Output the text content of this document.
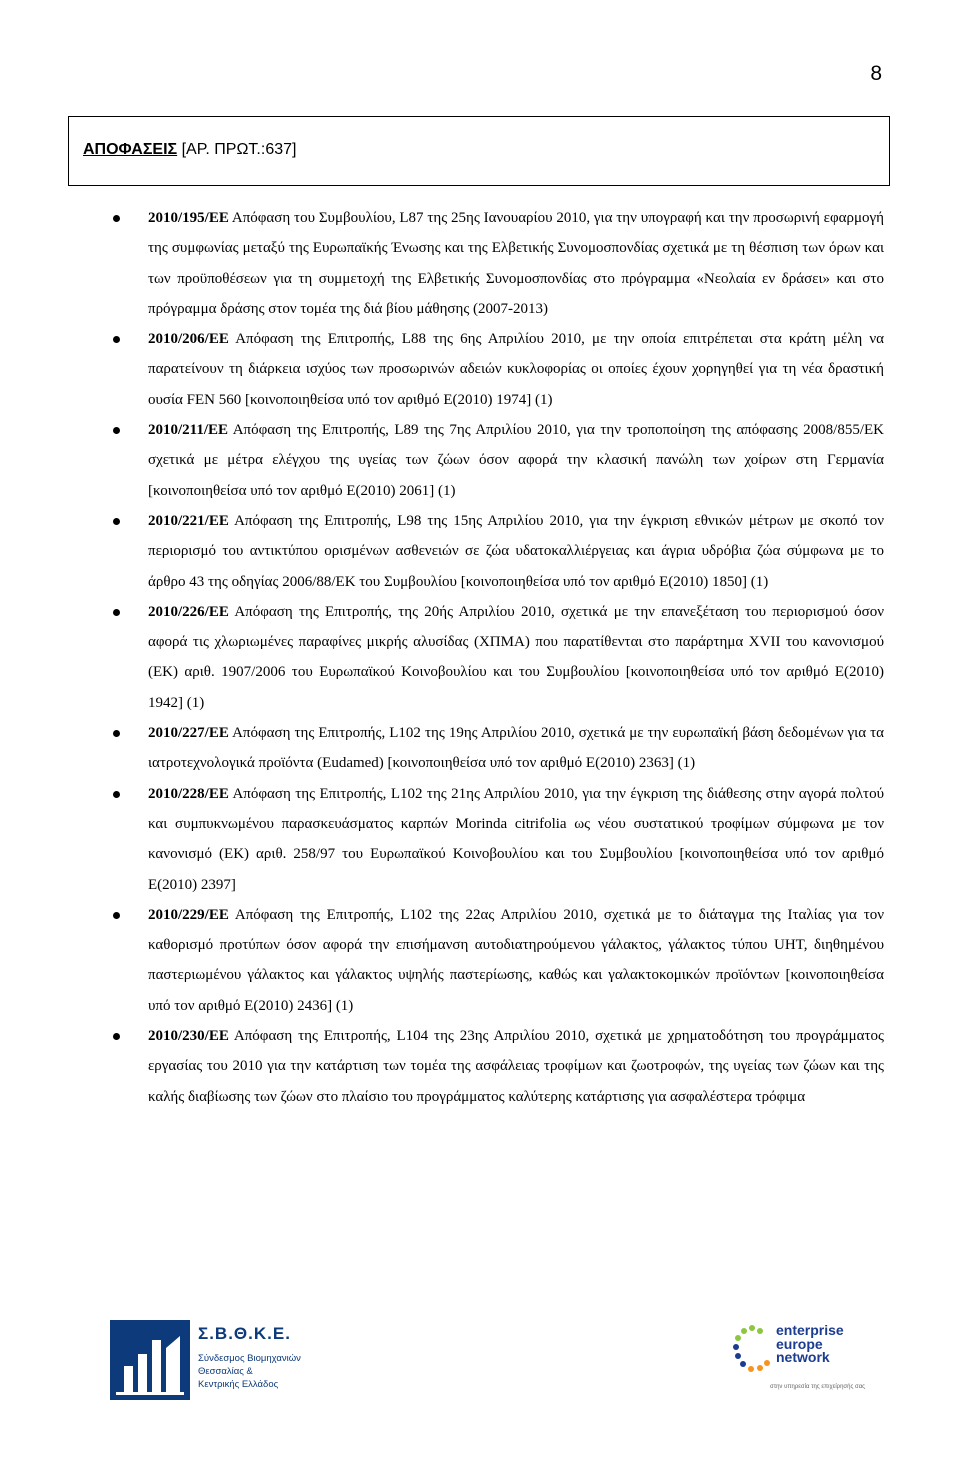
8
ΑΠΟΦΑΣΕΙΣ [ΑΡ. ΠΡΩΤ.:637]
2010/195/ΕΕ Απόφαση του Συμβουλίου, L87 της 25ης Ιανουαρίου 2010, για την υπογραφή και την προσωρινή εφαρμογή της συμφωνίας μεταξύ της Ευρωπαϊκής Ένωσης και της Ελβετικής Συνομοσπονδίας σχετικά με τη θέσπιση των όρων και των προϋποθέσεων για τη συμμετοχή της Ελβετικής Συνομοσπονδίας στο πρόγραμμα «Νεολαία εν δράσει» και στο πρόγραμμα δράσης στον τομέα της διά βίου μάθησης (2007-2013)
2010/206/ΕΕ Απόφαση της Επιτροπής, L88 της 6ης Απριλίου 2010, με την οποία επιτρέπεται στα κράτη μέλη να παρατείνουν τη διάρκεια ισχύος των προσωρινών αδειών κυκλοφορίας οι οποίες έχουν χορηγηθεί για τη νέα δραστική ουσία FEN 560 [κοινοποιηθείσα υπό τον αριθμό Ε(2010) 1974] (1)
2010/211/ΕΕ Απόφαση της Επιτροπής, L89 της 7ης Απριλίου 2010, για την τροποποίηση της απόφασης 2008/855/ΕΚ σχετικά με μέτρα ελέγχου της υγείας των ζώων όσον αφορά την κλασική πανώλη των χοίρων στη Γερμανία [κοινοποιηθείσα υπό τον αριθμό Ε(2010) 2061] (1)
2010/221/ΕΕ Απόφαση της Επιτροπής, L98 της 15ης Απριλίου 2010, για την έγκριση εθνικών μέτρων με σκοπό τον περιορισμό του αντικτύπου ορισμένων ασθενειών σε ζώα υδατοκαλλιέργειας και άγρια υδρόβια ζώα σύμφωνα με το άρθρο 43 της οδηγίας 2006/88/ΕΚ του Συμβουλίου [κοινοποιηθείσα υπό τον αριθμό Ε(2010) 1850] (1)
2010/226/ΕΕ Απόφαση της Επιτροπής, της 20ής Απριλίου 2010, σχετικά με την επανεξέταση του περιορισμού όσον αφορά τις χλωριωμένες παραφίνες μικρής αλυσίδας (ΧΠΜΑ) που παρατίθενται στο παράρτημα XVII του κανονισμού (ΕΚ) αριθ. 1907/2006 του Ευρωπαϊκού Κοινοβουλίου και του Συμβουλίου [κοινοποιηθείσα υπό τον αριθμό Ε(2010) 1942] (1)
2010/227/ΕΕ Απόφαση της Επιτροπής, L102 της 19ης Απριλίου 2010, σχετικά με την ευρωπαϊκή βάση δεδομένων για τα ιατροτεχνολογικά προϊόντα (Eudamed) [κοινοποιηθείσα υπό τον αριθμό Ε(2010) 2363] (1)
2010/228/ΕΕ Απόφαση της Επιτροπής, L102 της 21ης Απριλίου 2010, για την έγκριση της διάθεσης στην αγορά πολτού και συμπυκνωμένου παρασκευάσματος καρπών Morinda citrifolia ως νέου συστατικού τροφίμων σύμφωνα με τον κανονισμό (ΕΚ) αριθ. 258/97 του Ευρωπαϊκού Κοινοβουλίου και του Συμβουλίου [κοινοποιηθείσα υπό τον αριθμό Ε(2010) 2397]
2010/229/ΕΕ Απόφαση της Επιτροπής, L102 της 22ας Απριλίου 2010, σχετικά με το διάταγμα της Ιταλίας για τον καθορισμό προτύπων όσον αφορά την επισήμανση αυτοδιατηρούμενου γάλακτος, γάλακτος τύπου UHT, διηθημένου παστεριωμένου γάλακτος και γάλακτος υψηλής παστερίωσης, καθώς και γαλακτοκομικών προϊόντων [κοινοποιηθείσα υπό τον αριθμό Ε(2010) 2436] (1)
2010/230/ΕΕ Απόφαση της Επιτροπής, L104 της 23ης Απριλίου 2010, σχετικά με χρηματοδότηση του προγράμματος εργασίας του 2010 για την κατάρτιση των τομέα της ασφάλειας τροφίμων και ζωοτροφών, της υγείας των ζώων και της καλής διαβίωσης των ζώων στο πλαίσιο του προγράμματος καλύτερης κατάρτισης για ασφαλέστερα τρόφιμα
Σ.Β.Θ.Κ.Ε.
Σύνδεσμος Βιομηχανιών
Θεσσαλίας &
Κεντρικής Ελλάδος
enterprise
europe
network
στην υπηρεσία της επιχείρησής σας
